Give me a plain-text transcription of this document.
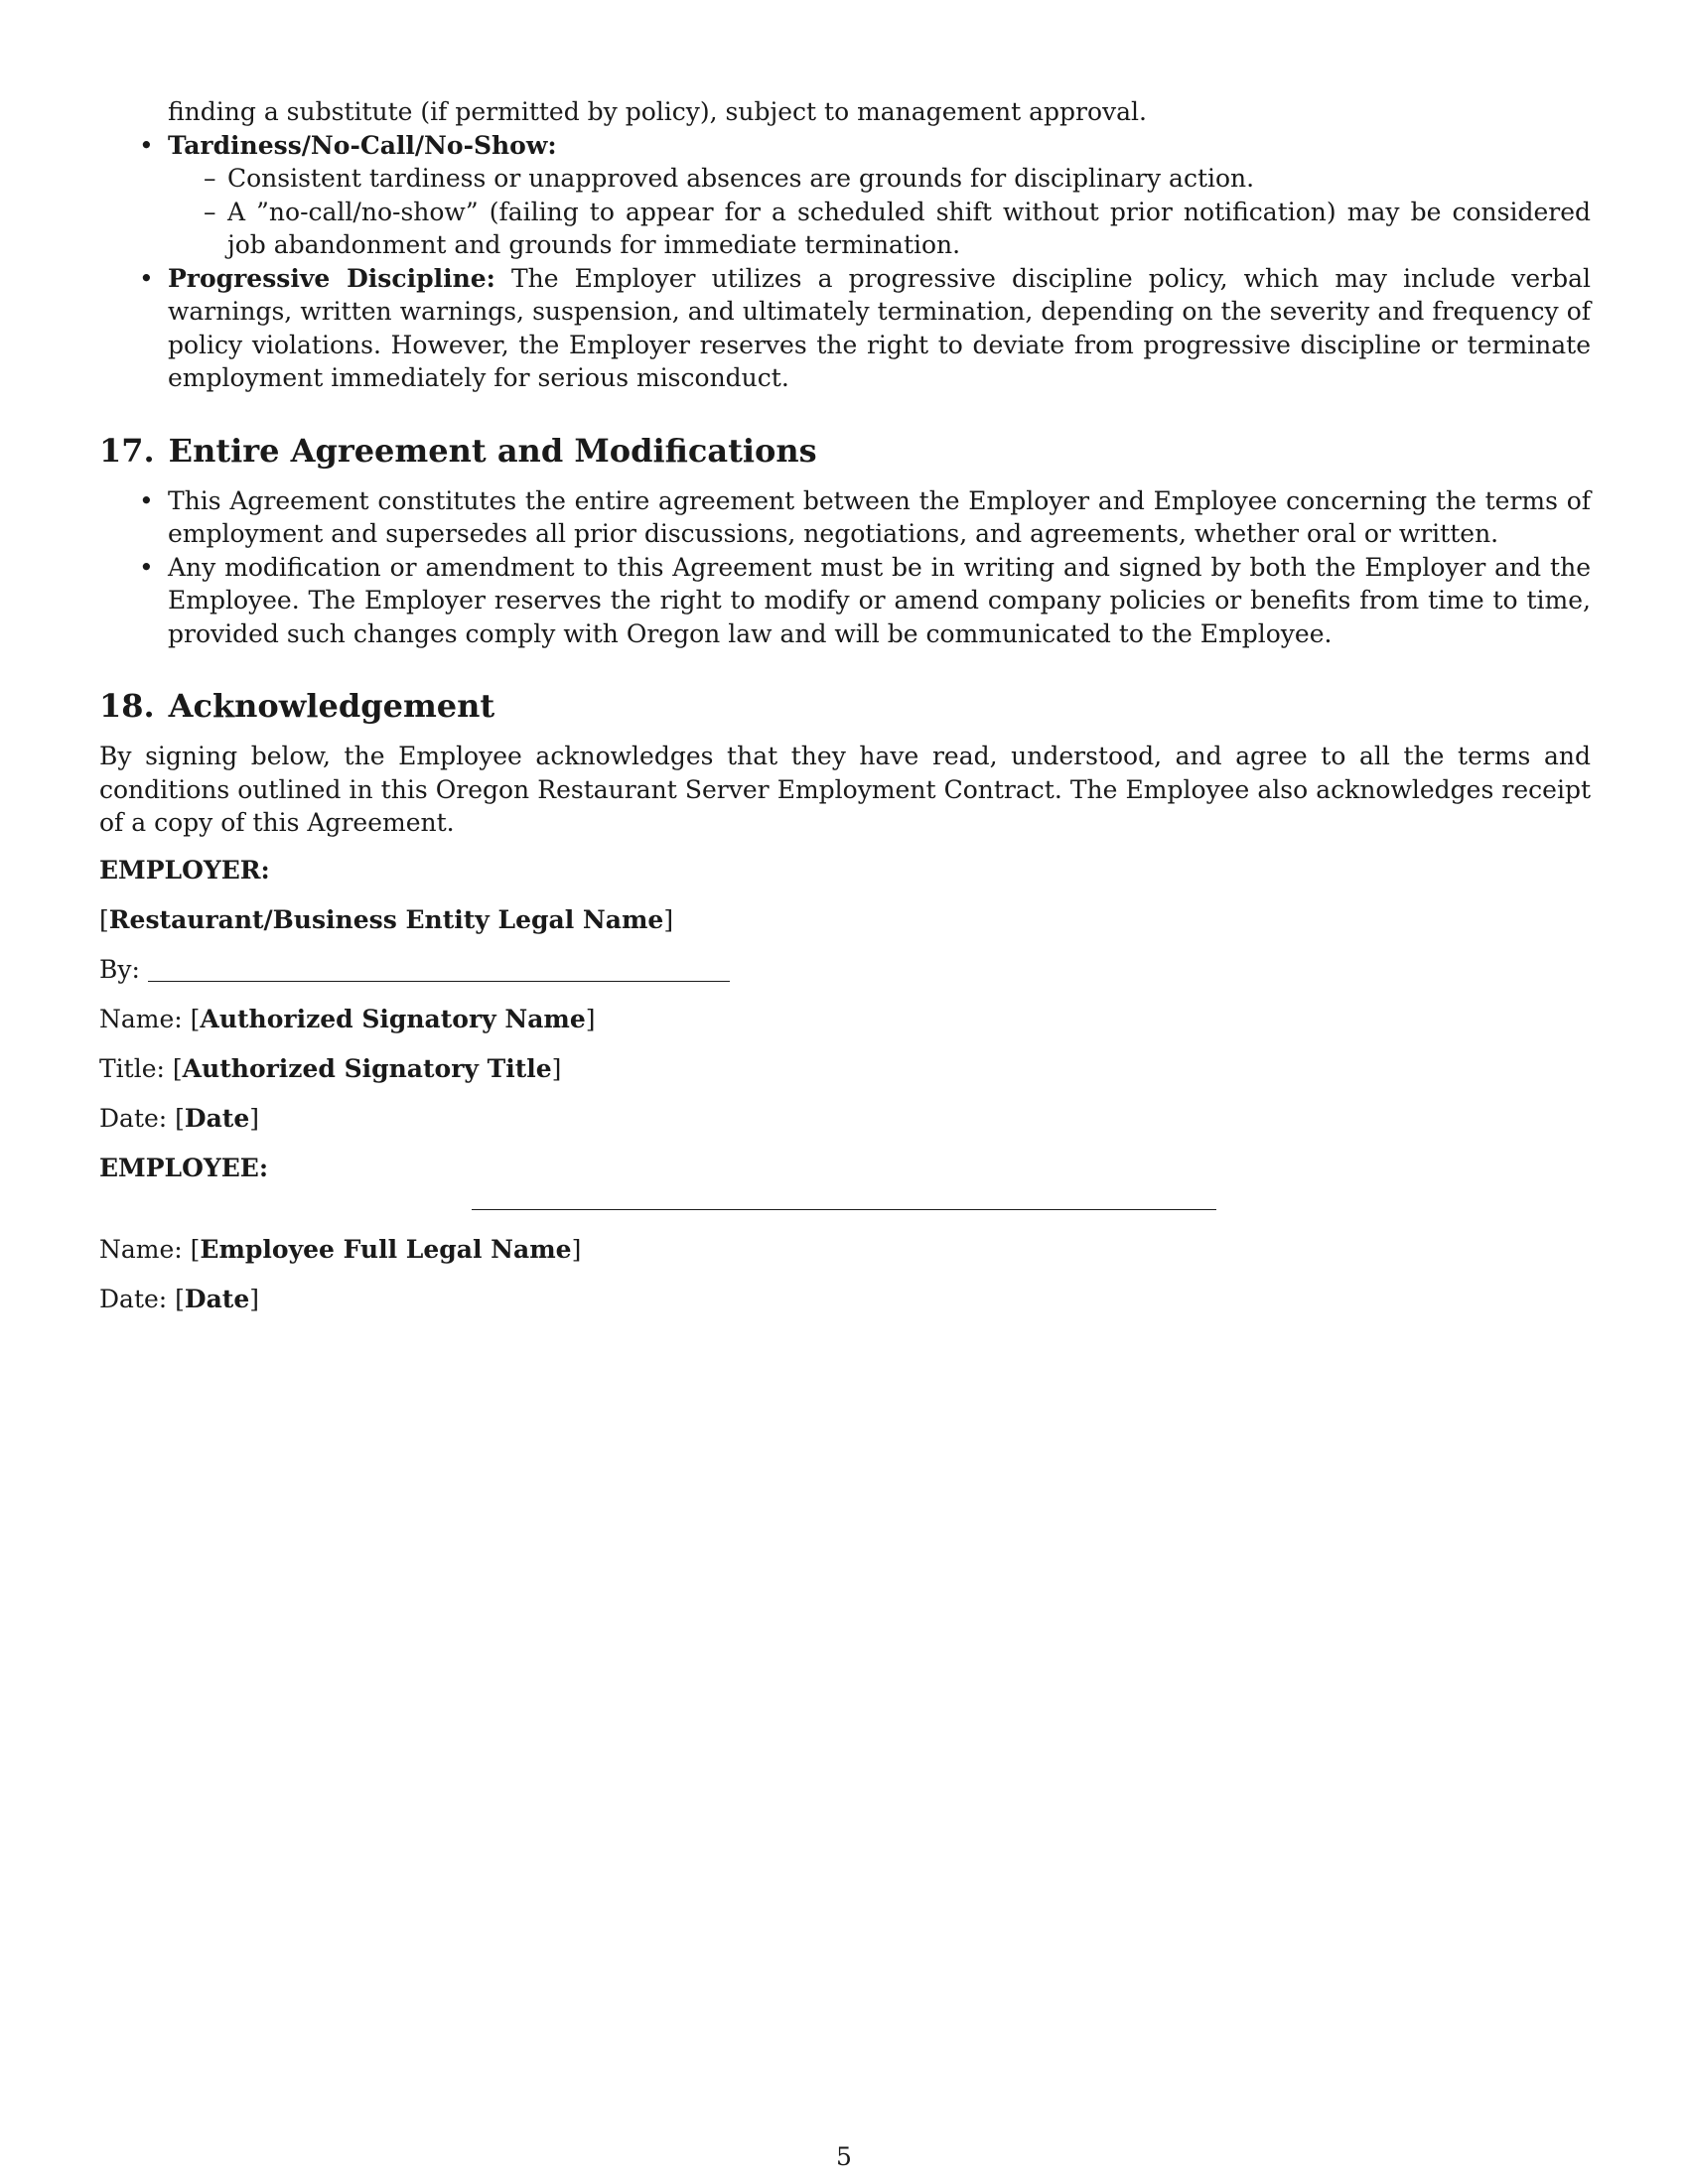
finding a substitute (if permitted by policy), subject to management approval.

• Tardiness/No-Call/No-Show:
– Consistent tardiness or unapproved absences are grounds for disciplinary action.
– A ”no-call/no-show” (failing to appear for a scheduled shift without prior notification) may be considered job abandonment and grounds for immediate termination.
• Progressive Discipline: The Employer utilizes a progressive discipline policy, which may include verbal warnings, written warnings, suspension, and ultimately termination, depending on the severity and frequency of policy violations. However, the Employer reserves the right to deviate from progressive discipline or terminate employment immediately for serious misconduct.
17. Entire Agreement and Modifications
• This Agreement constitutes the entire agreement between the Employer and Employee concerning the terms of employment and supersedes all prior discussions, negotiations, and agreements, whether oral or written.
• Any modification or amendment to this Agreement must be in writing and signed by both the Employer and the Employee. The Employer reserves the right to modify or amend company policies or benefits from time to time, provided such changes comply with Oregon law and will be communicated to the Employee.
18. Acknowledgement

By signing below, the Employee acknowledges that they have read, understood, and agree to all the terms and conditions outlined in this Oregon Restaurant Server Employment Contract. The Employee also acknowledges receipt of a copy of this Agreement.

EMPLOYER:
[Restaurant/Business Entity Legal Name]
By:
Name: [Authorized Signatory Name]
Title: [Authorized Signatory Title]
Date: [Date]
EMPLOYEE:
Name: [Employee Full Legal Name]
Date: [Date]
5
